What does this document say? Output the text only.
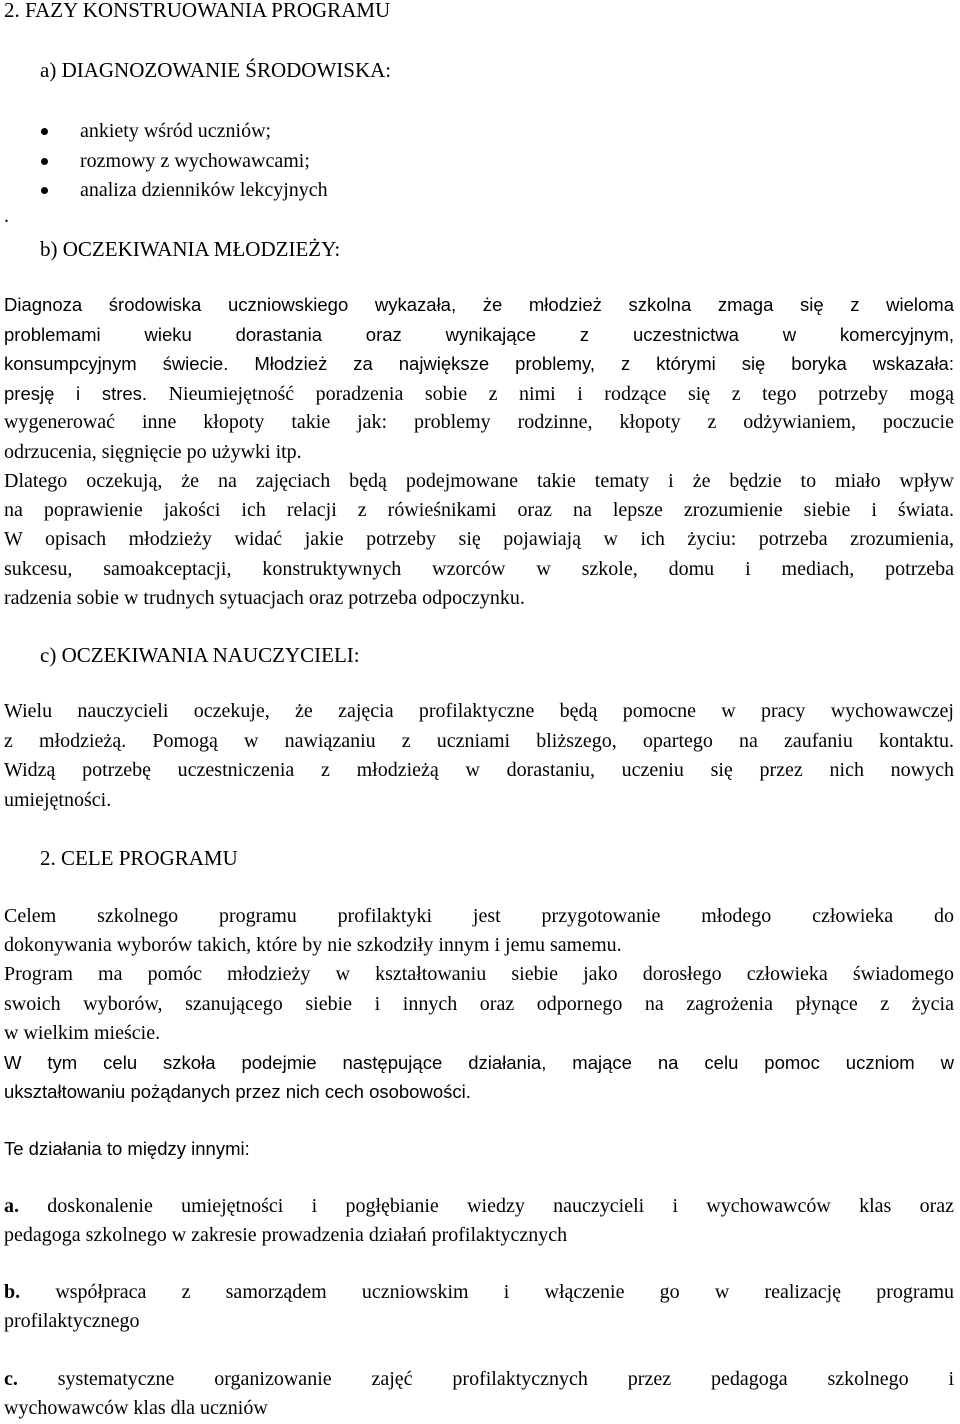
2. FAZY KONSTRUOWANIA PROGRAMU
a) DIAGNOZOWANIE ŚRODOWISKA:
ankiety wśród uczniów;
rozmowy z wychowawcami;
analiza dzienników lekcyjnych
.
b) OCZEKIWANIA MŁODZIEŻY:
Diagnoza środowiska uczniowskiego wykazała, że młodzież szkolna zmaga się z wieloma
problemami wieku dorastania oraz wynikające z uczestnictwa w komercyjnym,
konsumpcyjnym świecie. Młodzież za największe problemy, z którymi się boryka wskazała:
presję i stres. Nieumiejętność poradzenia sobie z nimi i rodzące się z tego potrzeby mogą
wygenerować inne kłopoty takie jak: problemy rodzinne, kłopoty z odżywianiem, poczucie
odrzucenia, sięgnięcie po używki itp.
Dlatego oczekują, że na zajęciach będą podejmowane takie tematy i że będzie to miało wpływ
na poprawienie jakości ich relacji z rówieśnikami oraz na lepsze zrozumienie siebie i świata.
W opisach młodzieży widać jakie potrzeby się pojawiają w ich życiu: potrzeba zrozumienia,
sukcesu, samoakceptacji, konstruktywnych wzorców w szkole, domu i mediach, potrzeba
radzenia sobie w trudnych sytuacjach oraz potrzeba odpoczynku.
c) OCZEKIWANIA NAUCZYCIELI:
Wielu nauczycieli oczekuje, że zajęcia profilaktyczne będą pomocne w pracy wychowawczej
z młodzieżą. Pomogą w nawiązaniu z uczniami bliższego, opartego na zaufaniu kontaktu.
Widzą potrzebę uczestniczenia z młodzieżą w dorastaniu, uczeniu się przez nich nowych
umiejętności.
2. CELE PROGRAMU
Celem szkolnego programu profilaktyki jest przygotowanie młodego człowieka do
dokonywania wyborów takich, które by nie szkodziły innym i jemu samemu.
Program ma pomóc młodzieży w kształtowaniu siebie jako dorosłego człowieka świadomego
swoich wyborów, szanującego siebie i innych oraz odpornego na zagrożenia płynące z życia
w wielkim mieście.
W tym celu szkoła podejmie następujące działania, mające na celu pomoc uczniom w
ukształtowaniu pożądanych przez nich cech osobowości.
Te działania to między innymi:
a. doskonalenie umiejętności i pogłębianie wiedzy nauczycieli i wychowawców klas oraz
pedagoga szkolnego w zakresie prowadzenia działań profilaktycznych
b. współpraca z samorządem uczniowskim i włączenie go w realizację programu
profilaktycznego
c. systematyczne organizowanie zajęć profilaktycznych przez pedagoga szkolnego i
wychowawców klas dla uczniów
